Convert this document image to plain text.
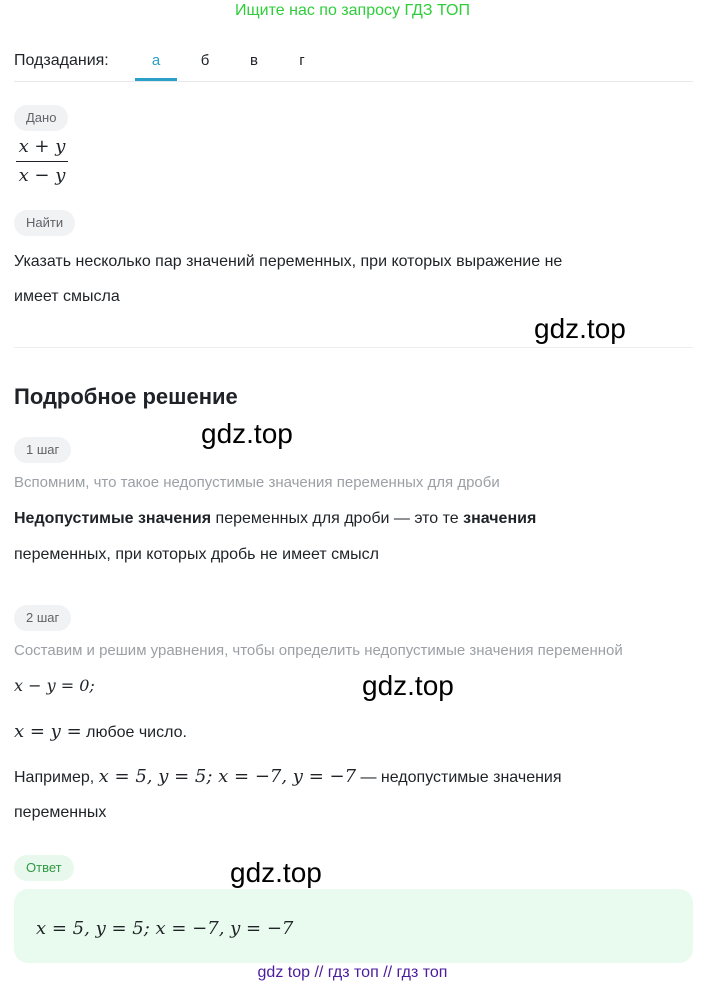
Ищите нас по запросу ГДЗ ТОП
Подзадания:	а	б	в	г
Дано
x + y
x − y
Найти
Указать несколько пар значений переменных, при которых выражение не
имеет смысла
gdz.top
Подробное решение
gdz.top
1 шаг
Вспомним, что такое недопустимые значения переменных для дроби
Недопустимые значения переменных для дроби — это те значения
переменных, при которых дробь не имеет смысл
2 шаг
Составим и решим уравнения, чтобы определить недопустимые значения переменной
x − y = 0;	gdz.top
x = y = любое число.
Например, x = 5, y = 5; x = −7, y = −7 — недопустимые значения
переменных
Ответ	gdz.top
x = 5, y = 5; x = −7, y = −7
gdz top // гдз топ // гдз топ
